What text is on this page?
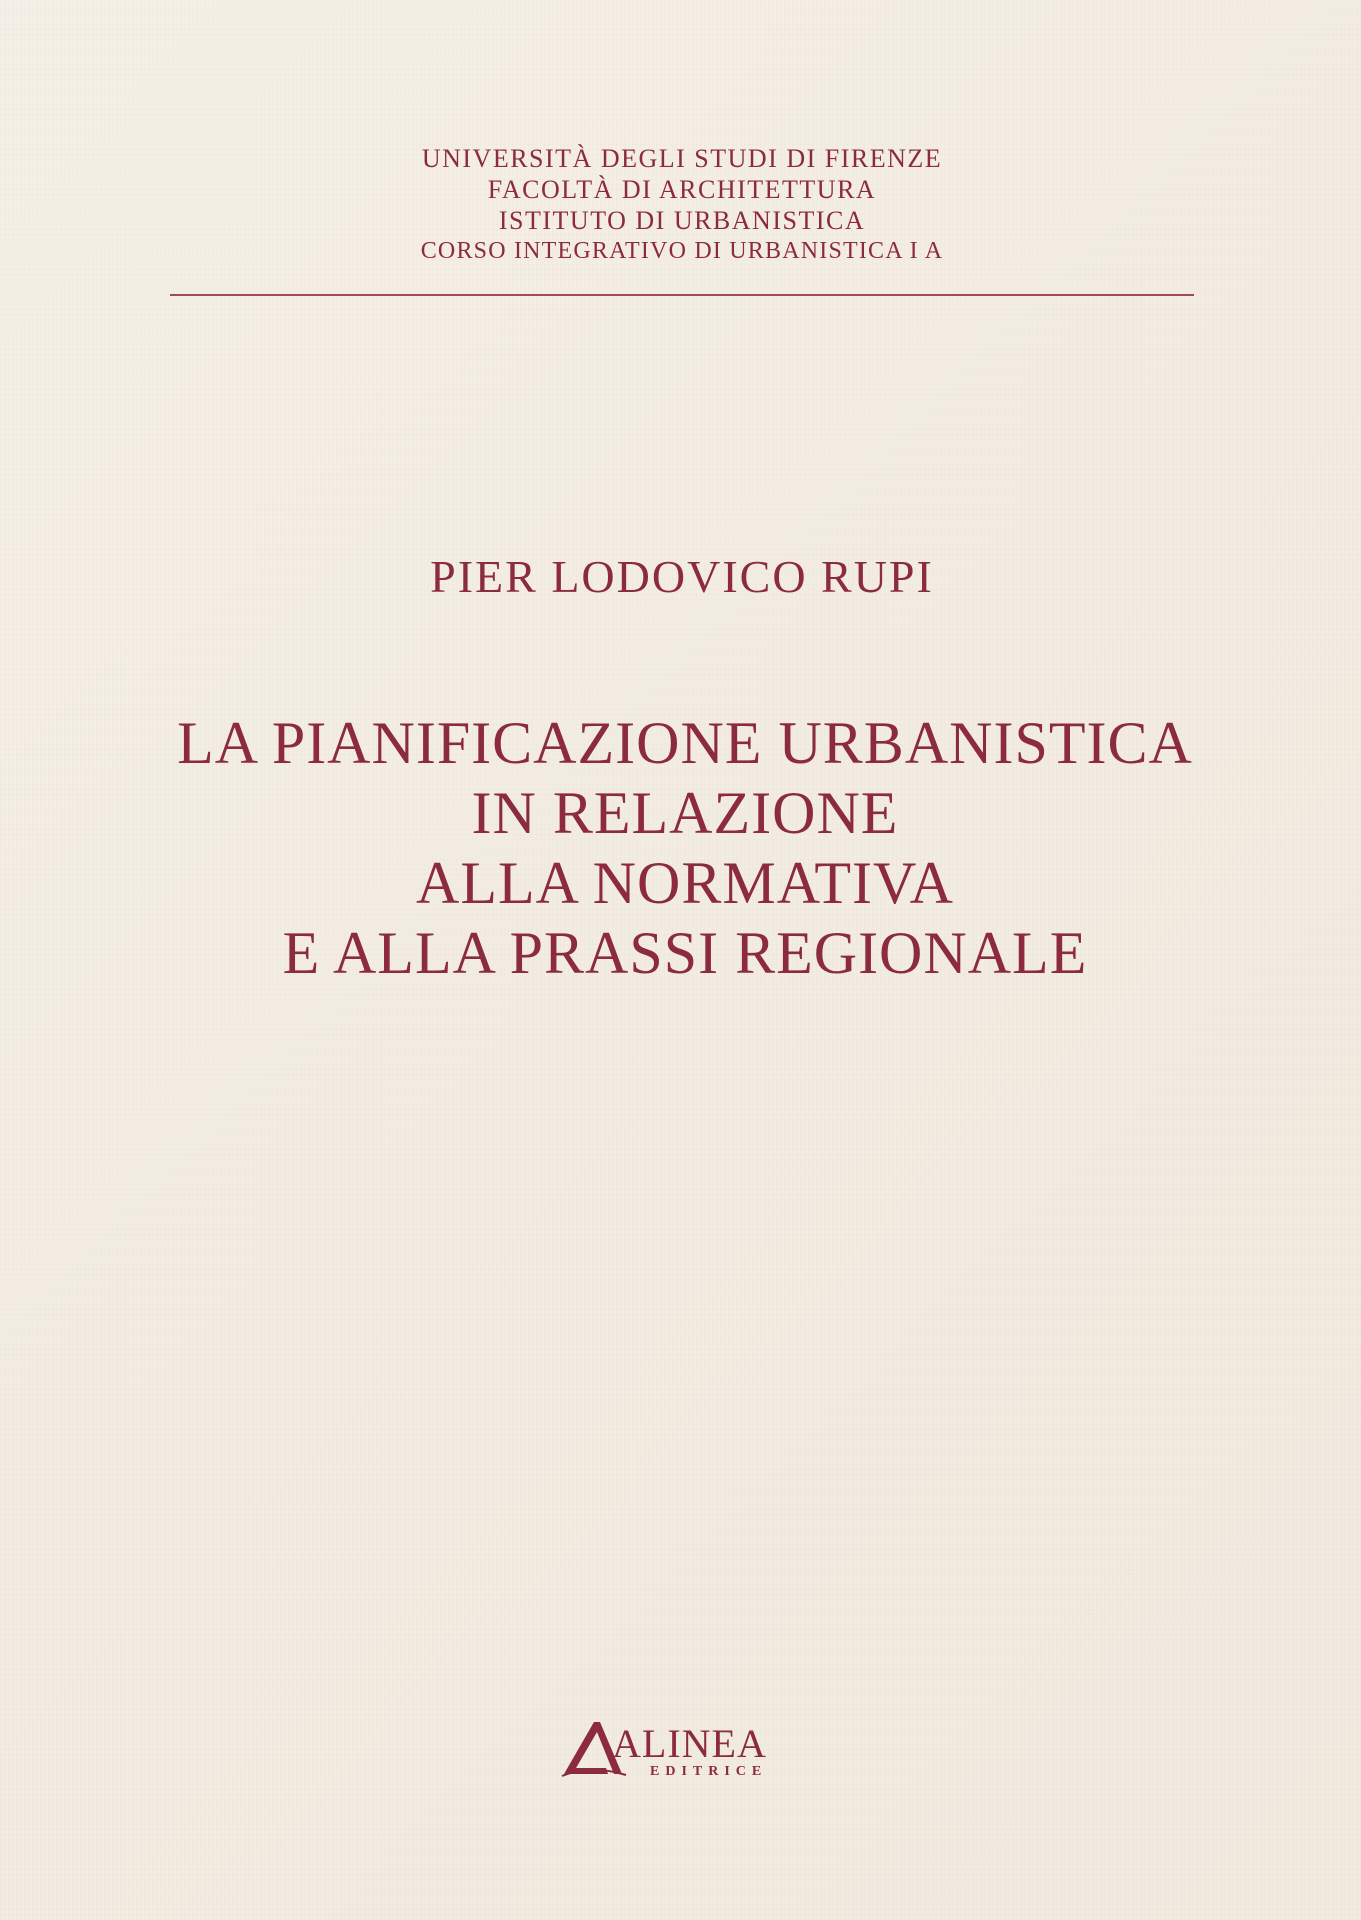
UNIVERSITÀ DEGLI STUDI DI FIRENZE
FACOLTÀ DI ARCHITETTURA
ISTITUTO DI URBANISTICA
CORSO INTEGRATIVO DI URBANISTICA I A
PIER LODOVICO RUPI
LA PIANIFICAZIONE URBANISTICA
IN RELAZIONE
ALLA NORMATIVA
E ALLA PRASSI REGIONALE
ALINEA
EDITRICE
